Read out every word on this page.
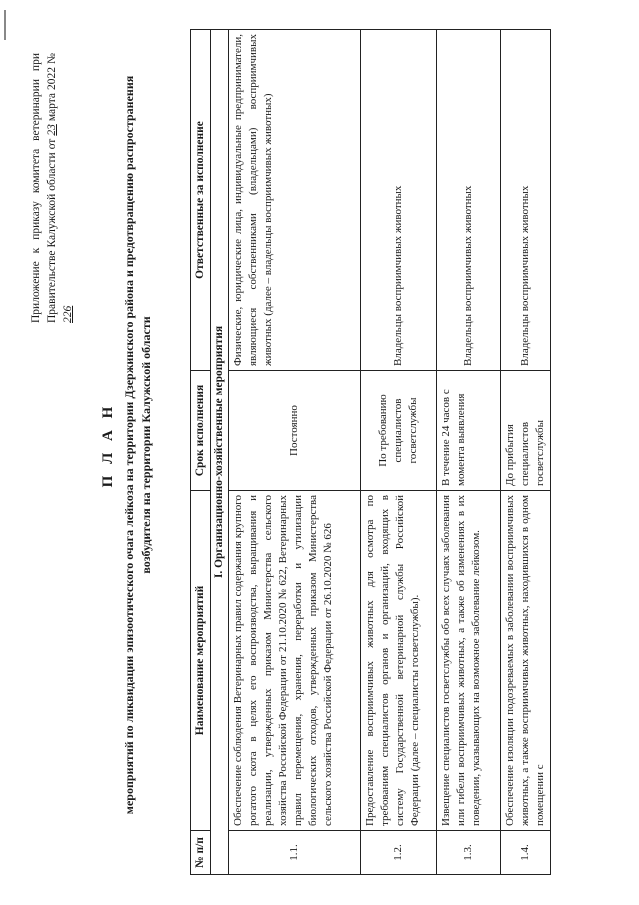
Приложение к приказу комитета ветеринарии при Правительстве Калужской области от 23 марта 2022 № 226
П Л А Н мероприятий по ликвидации эпизоотического очага лейкоза на территории Дзержинского района и предотвращению распространения возбудителя на территории Калужской области
№ п/п	Наименование мероприятий	Срок исполнения	Ответственные за исполнение
I. Организационно-хозяйственные мероприятия			
1.1.	Обеспечение соблюдения Ветеринарных правил содержания крупного рогатого скота в целях его воспроизводства, выращивания и реализации, утвержденных приказом Министерства сельского хозяйства Российской Федерации от 21.10.2020 № 622, Ветеринарных правил перемещения, хранения, переработки и утилизации биологических отходов, утвержденных приказом Министерства сельского хозяйства Российской Федерации от 26.10.2020 № 626	Постоянно	Физические, юридические лица, индивидуальные предприниматели, являющиеся собственниками (владельцами) восприимчивых животных (далее – владельцы восприимчивых животных)
1.2.	Предоставление восприимчивых животных для осмотра по требованиям специалистов органов и организаций, входящих в систему Государственной ветеринарной службы Российской Федерации (далее – специалисты госветслужбы).	По требованию специалистов госветслужбы	Владельцы восприимчивых животных
1.3.	Извещение специалистов госветслужбы обо всех случаях заболевания или гибели восприимчивых животных, а также об изменениях в их поведении, указывающих на возможное заболевание лейкозом.	В течение 24 часов с момента выявления	Владельцы восприимчивых животных
1.4.	Обеспечение изоляции подозреваемых в заболевании восприимчивых животных, а также восприимчивых животных, находившихся в одном помещении с	До прибытия специалистов госветслужбы	Владельцы восприимчивых животных
